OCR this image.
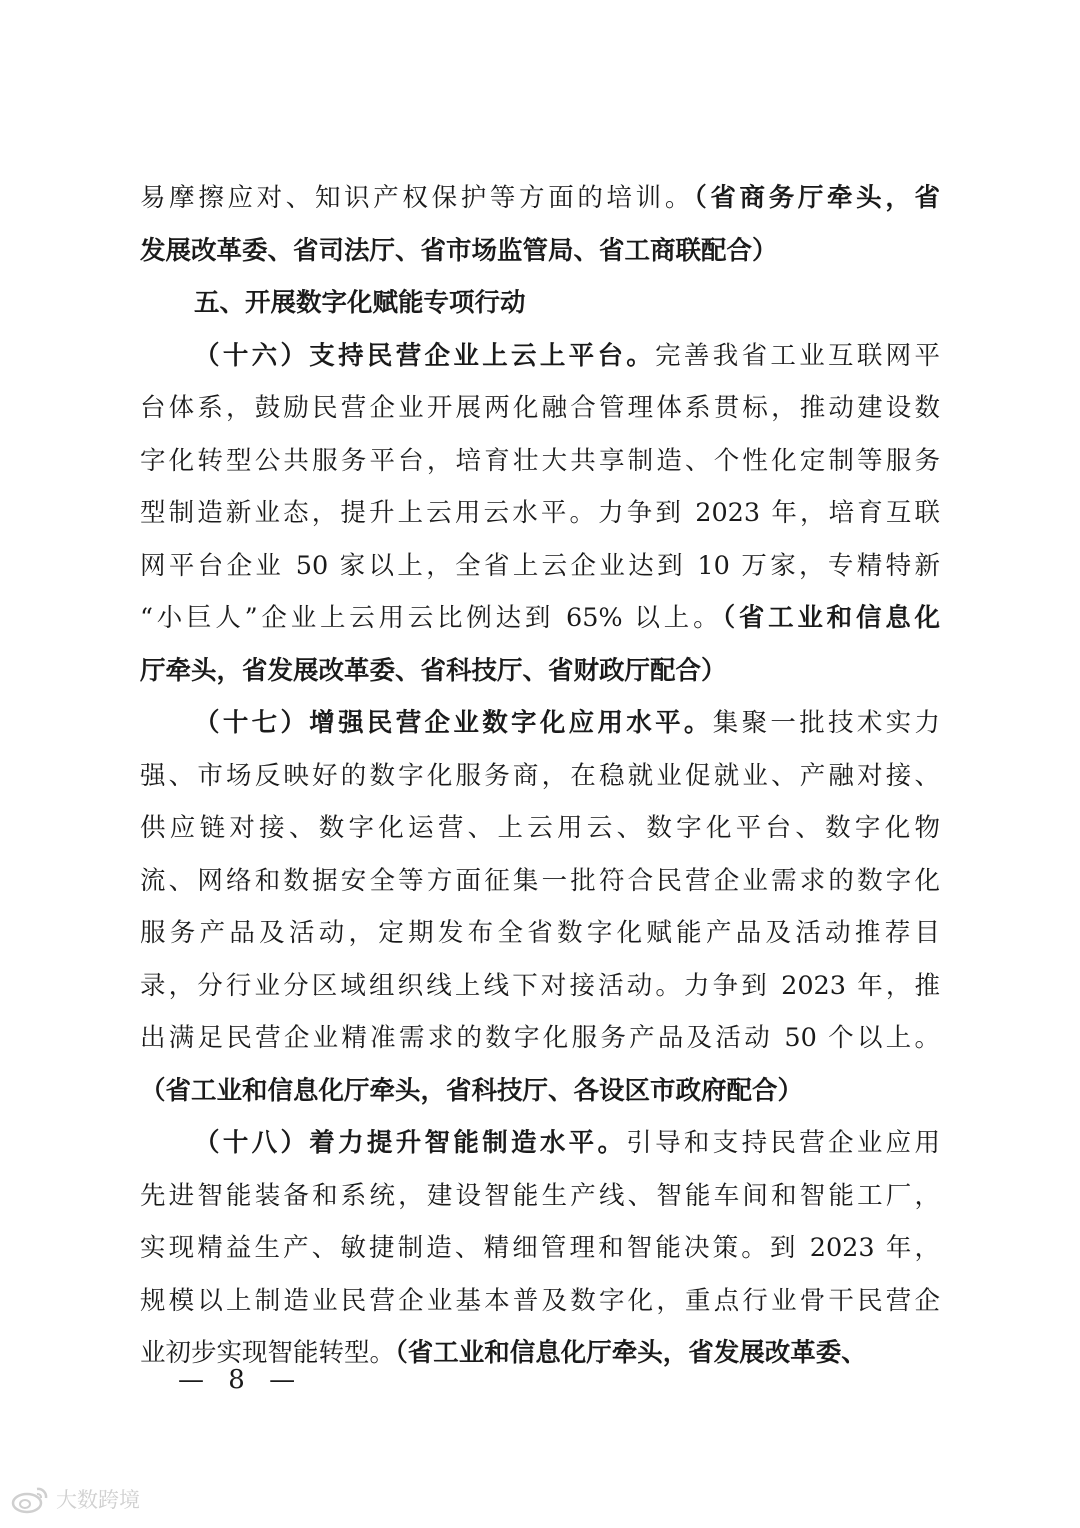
易摩擦应对、知识产权保护等方面的培训。（省商务厅牵头，省
发展改革委、省司法厅、省市场监管局、省工商联配合）
五、开展数字化赋能专项行动
（十六）支持民营企业上云上平台。完善我省工业互联网平
台体系，鼓励民营企业开展两化融合管理体系贯标，推动建设数
字化转型公共服务平台，培育壮大共享制造、个性化定制等服务
型制造新业态，提升上云用云水平。力争到 2023 年，培育互联
网平台企业 50 家以上，全省上云企业达到 10 万家，专精特新
“小巨人”企业上云用云比例达到 65% 以上。（省工业和信息化
厅牵头，省发展改革委、省科技厅、省财政厅配合）
（十七）增强民营企业数字化应用水平。集聚一批技术实力
强、市场反映好的数字化服务商，在稳就业促就业、产融对接、
供应链对接、数字化运营、上云用云、数字化平台、数字化物
流、网络和数据安全等方面征集一批符合民营企业需求的数字化
服务产品及活动，定期发布全省数字化赋能产品及活动推荐目
录，分行业分区域组织线上线下对接活动。力争到 2023 年，推
出满足民营企业精准需求的数字化服务产品及活动 50 个以上。
（省工业和信息化厅牵头，省科技厅、各设区市政府配合）
（十八）着力提升智能制造水平。引导和支持民营企业应用
先进智能装备和系统，建设智能生产线、智能车间和智能工厂，
实现精益生产、敏捷制造、精细管理和智能决策。到 2023 年，
规模以上制造业民营企业基本普及数字化，重点行业骨干民营企
业初步实现智能转型。（省工业和信息化厅牵头，省发展改革委、
— 8 —
大数跨境
